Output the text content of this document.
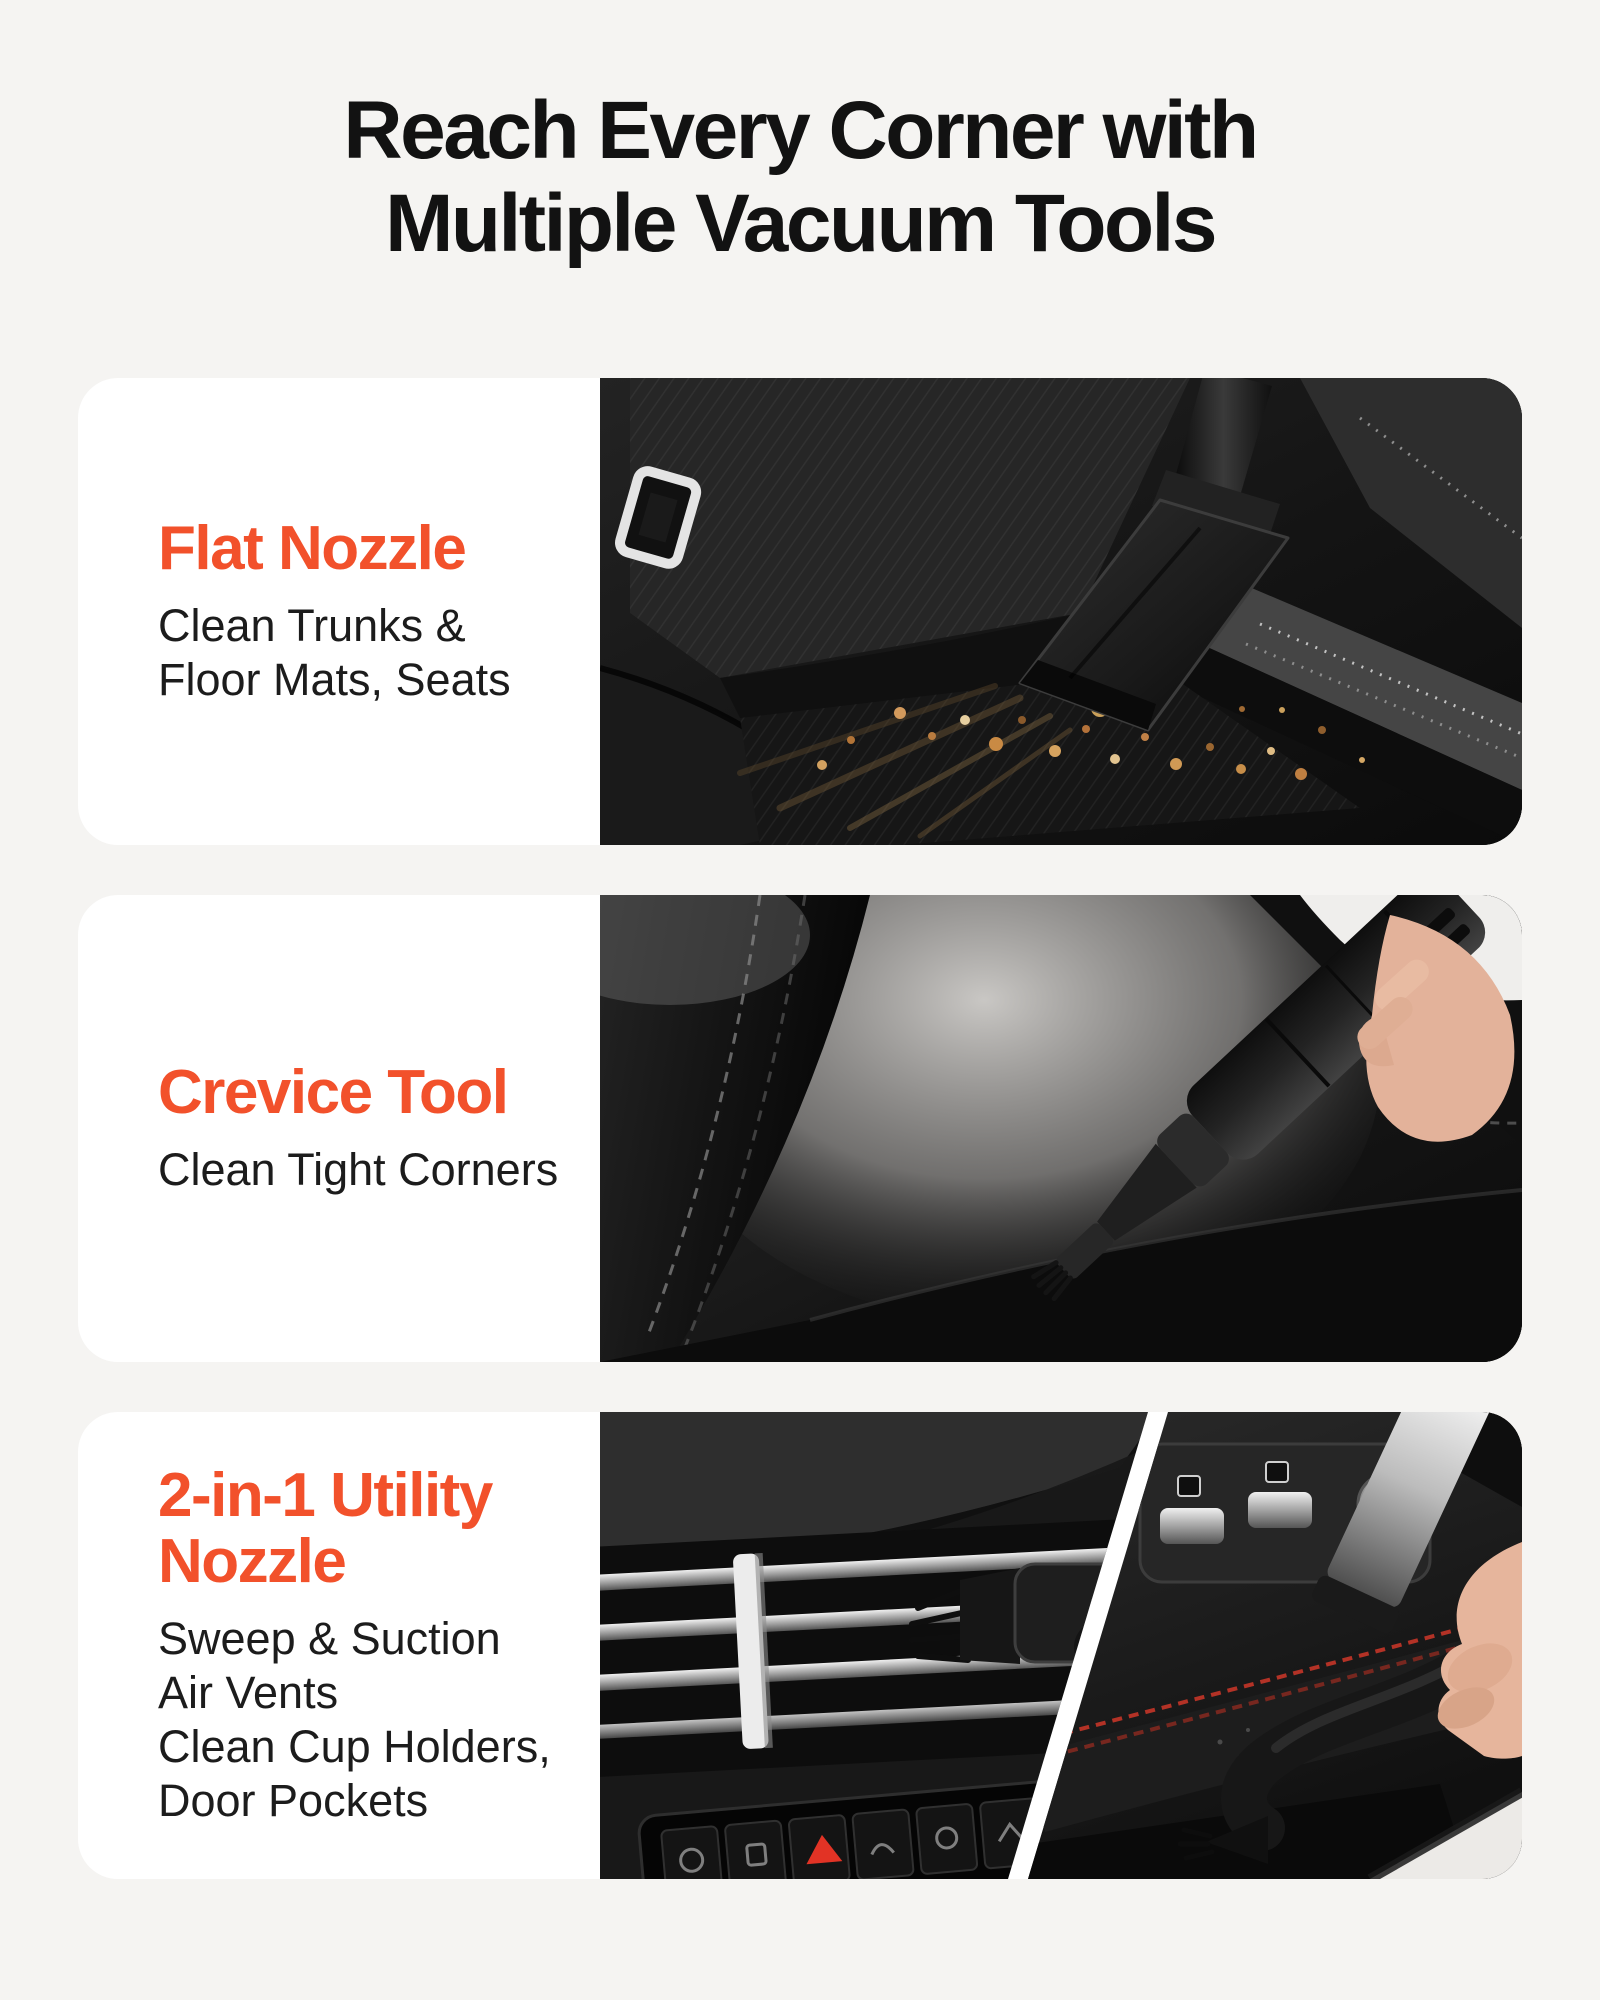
Reach Every Corner with
Multiple Vacuum Tools
Flat Nozzle

Clean Trunks &
Floor Mats, Seats

Crevice Tool

Clean Tight Corners

2-in-1 Utility Nozzle

Sweep & Suction
Air Vents
Clean Cup Holders,
Door Pockets
